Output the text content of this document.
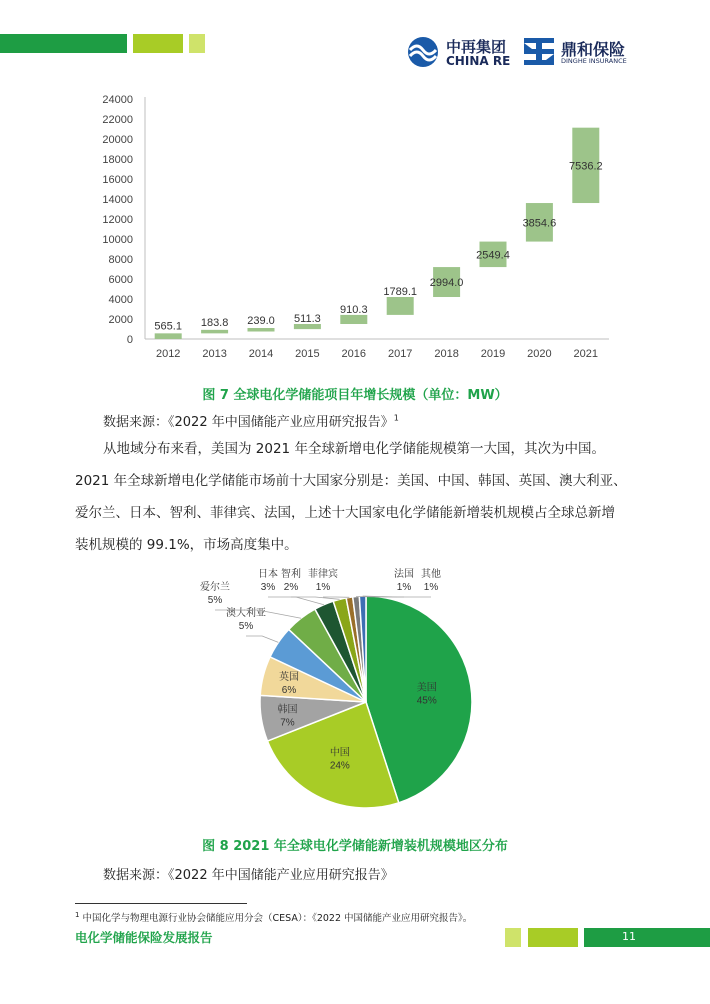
中再集团
CHINA RE
鼎和保险
DINGHE INSURANCE
0
2000
4000
6000
8000
10000
12000
14000
16000
18000
20000
22000
24000
565.1
2012
183.8
2013
239.0
2014
511.3
2015
910.3
2016
1789.1
2017
2994.0
2018
2549.4
2019
3854.6
2020
7536.2
2021
图 7 全球电化学储能项目年增长规模（单位：MW）
数据来源：《2022 年中国储能产业应用研究报告》$^1$
从地域分布来看，美国为 2021 年全球新增电化学储能规模第一大国，其次为中国。
2021 年全球新增电化学储能市场前十大国家分别是：美国、中国、韩国、英国、澳大利亚、
爱尔兰、日本、智利、菲律宾、法国，上述十大国家电化学储能新增装机规模占全球总新增
装机规模的 99.1%，市场高度集中。
美国
45%
中国
24%
韩国
7%
英国
6%
澳大利亚
5%
爱尔兰
5%
日本
3%
智利
2%
菲律宾
1%
法国
1%
其他
1%
图 8 2021 年全球电化学储能新增装机规模地区分布
数据来源：《2022 年中国储能产业应用研究报告》
$^1$ 中国化学与物理电源行业协会储能应用分会（CESA）：《2022 中国储能产业应用研究报告》。
电化学储能保险发展报告	11
